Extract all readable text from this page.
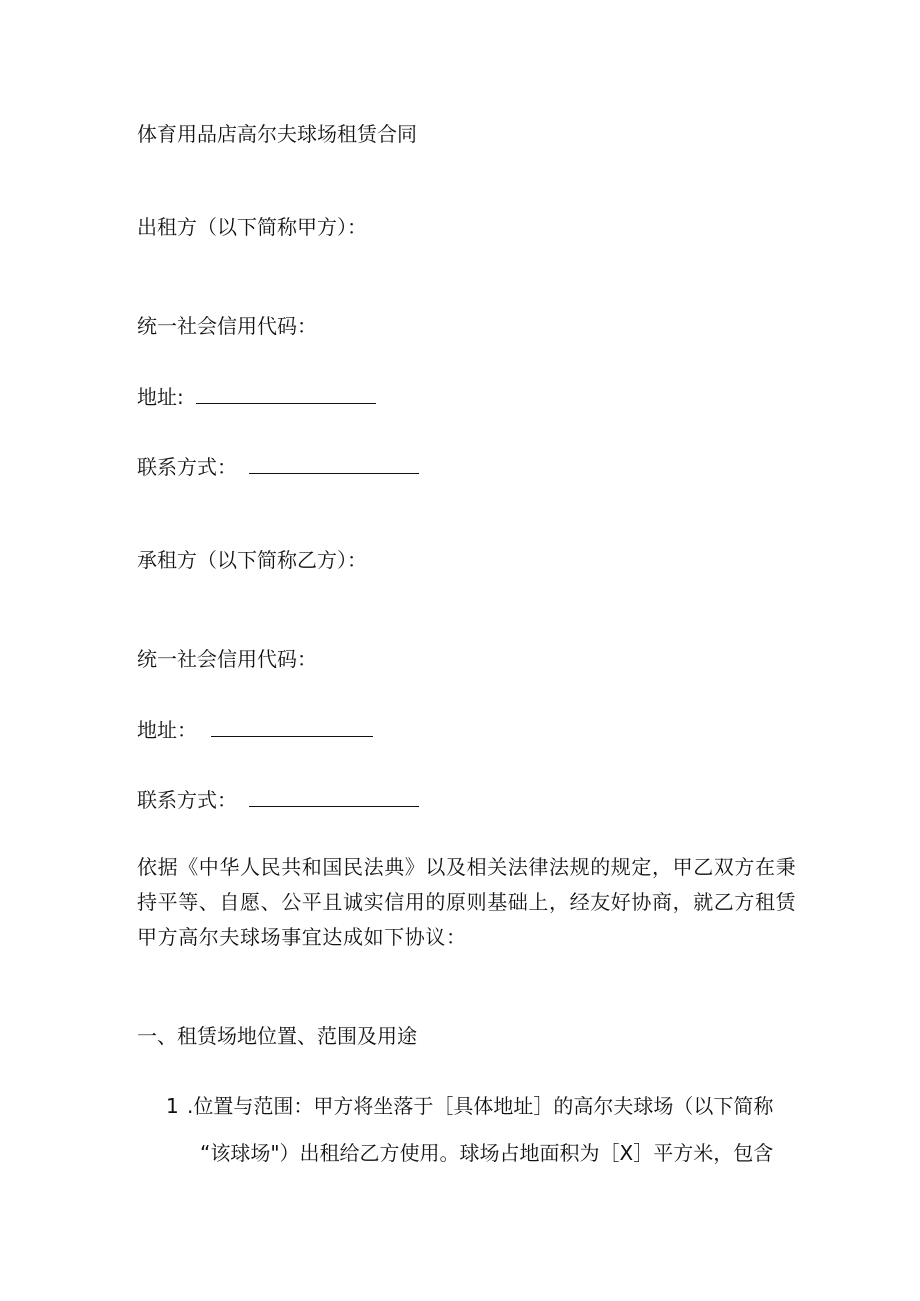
体育用品店高尔夫球场租赁合同
出租方（以下简称甲方）：
统一社会信用代码：
地址:
联系方式：
承租方（以下简称乙方）：
统一社会信用代码：
地址：
联系方式：
依据《中华人民共和国民法典》以及相关法律法规的规定，甲乙双方在秉
持平等、自愿、公平且诚实信用的原则基础上，经友好协商，就乙方租赁
甲方高尔夫球场事宜达成如下协议：
一、租赁场地位置、范围及用途
1 .位置与范围：甲方将坐落于［具体地址］的高尔夫球场（以下简称
“该球场"）出租给乙方使用。球场占地面积为［X］平方米，包含
